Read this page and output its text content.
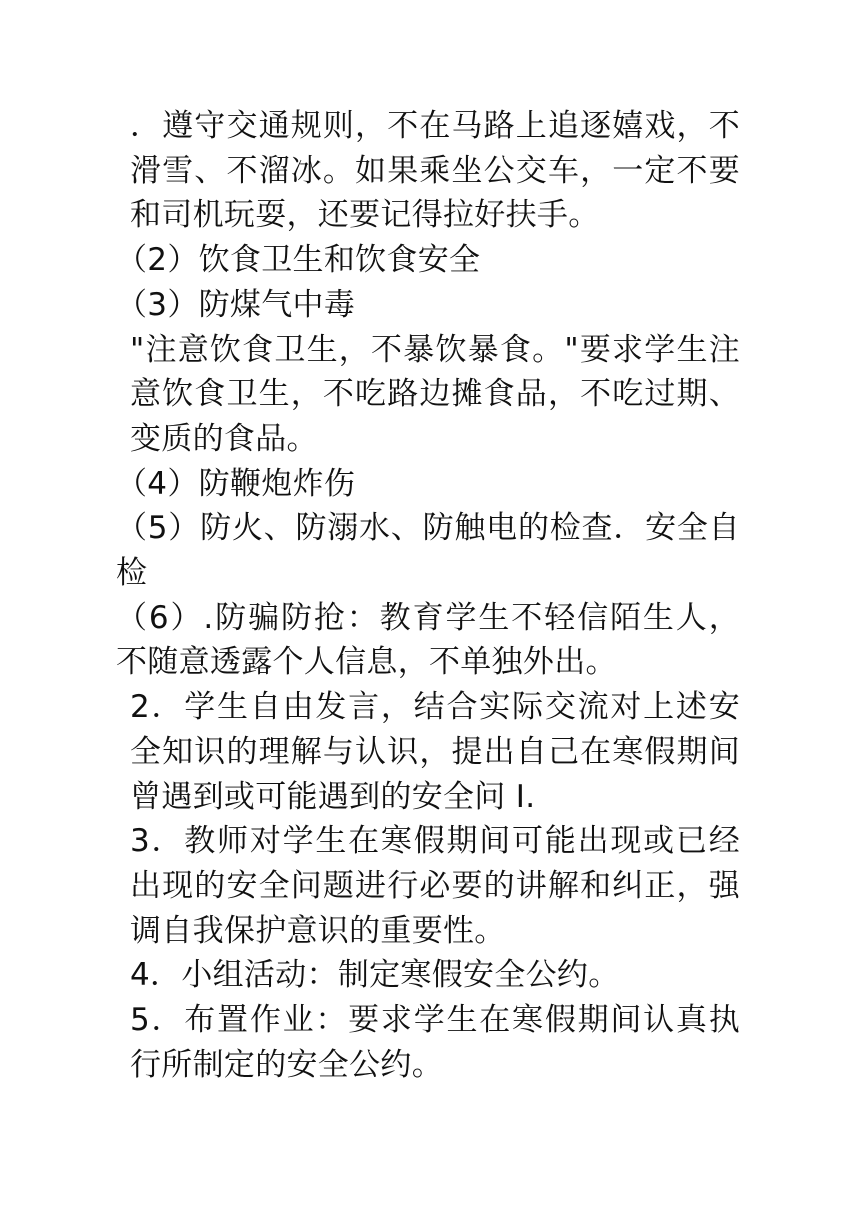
．遵守交通规则，不在马路上追逐嬉戏，不滑雪、不溜冰。如果乘坐公交车，一定不要和司机玩耍，还要记得拉好扶手。

（2）饮食卫生和饮食安全

（3）防煤气中毒

"注意饮食卫生，不暴饮暴食。"要求学生注意饮食卫生，不吃路边摊食品，不吃过期、变质的食品。

（4）防鞭炮炸伤

（5）防火、防溺水、防触电的检查．安全自检

（6）.防骗防抢：教育学生不轻信陌生人，不随意透露个人信息，不单独外出。

2．学生自由发言，结合实际交流对上述安全知识的理解与认识，提出自己在寒假期间曾遇到或可能遇到的安全问 I.

3．教师对学生在寒假期间可能出现或已经出现的安全问题进行必要的讲解和纠正，强调自我保护意识的重要性。

4．小组活动：制定寒假安全公约。

5．布置作业：要求学生在寒假期间认真执行所制定的安全公约。
